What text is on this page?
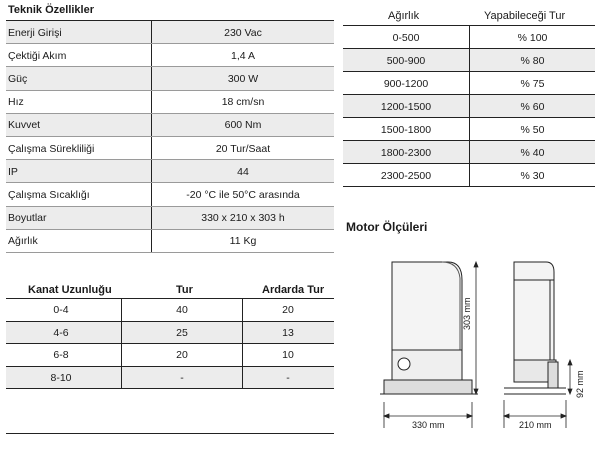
Teknik Özellikler
Enerji Girişi	230 Vac
Çektiği Akım	1,4 A
Güç	300 W
Hız	18 cm/sn
Kuvvet	600 Nm
Çalışma Sürekliliği	20 Tur/Saat
IP	44
Çalışma Sıcaklığı	-20 °C ile 50°C arasında
Boyutlar	330 x 210 x 303 h
Ağırlık	11 Kg
Ağırlık	Yapabileceği Tur
0-500	% 100
500-900	% 80
900-1200	% 75
1200-1500	% 60
1500-1800	% 50
1800-2300	% 40
2300-2500	% 30
Kanat Uzunluğu	Tur	Ardarda Tur
0-4	40	20
4-6	25	13
6-8	20	10
8-10	-	-
Motor Ölçüleri
330 mm	210 mm
303 mm
92 mm
